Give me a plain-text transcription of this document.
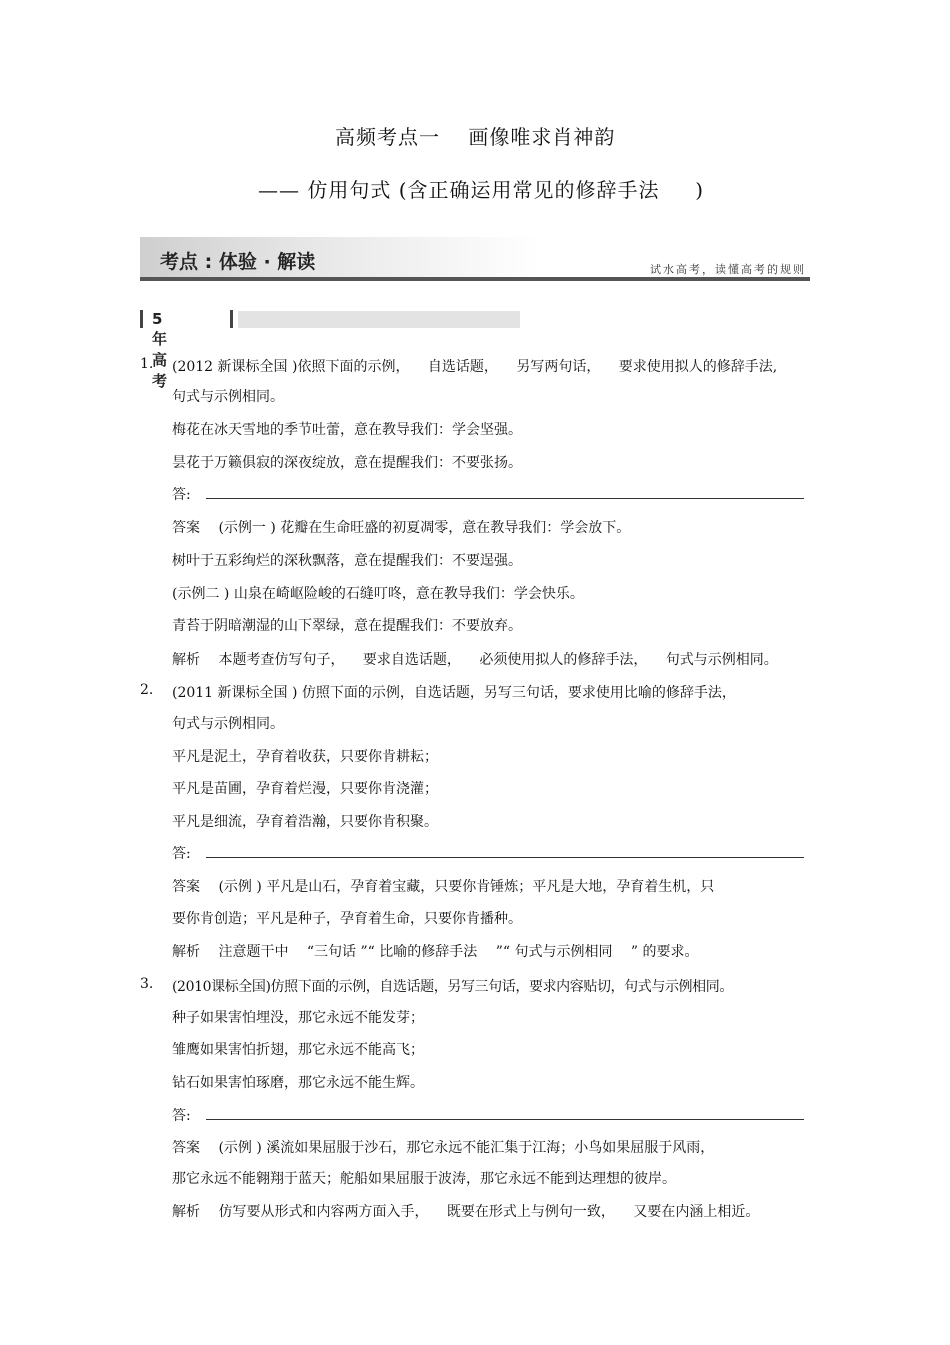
高频考点一 　画像唯求肖神韵
—— 仿用句式 (含正确运用常见的修辞手法 　 )
考点 : 体验 · 解读	试水高考，读懂高考的规则
5年高考
1. (2012 新课标全国 )依照下面的示例， 　自选话题， 　另写两句话， 　要求使用拟人的修辞手法,
句式与示例相同。
梅花在冰天雪地的季节吐蕾，意在教导我们：学会坚强。
昙花于万籁俱寂的深夜绽放，意在提醒我们：不要张扬。
答:
答案 　(示例一 ) 花瓣在生命旺盛的初夏凋零，意在教导我们：学会放下。
树叶于五彩绚烂的深秋飘落，意在提醒我们：不要逞强。
(示例二 ) 山泉在崎岖险峻的石缝叮咚，意在教导我们：学会快乐。
青苔于阴暗潮湿的山下翠绿，意在提醒我们：不要放弃。
解析 　本题考查仿写句子， 　要求自选话题， 　必须使用拟人的修辞手法， 　句式与示例相同。
2. (2011 新课标全国 ) 仿照下面的示例，自选话题，另写三句话，要求使用比喻的修辞手法，
句式与示例相同。
平凡是泥土，孕育着收获，只要你肯耕耘；
平凡是苗圃，孕育着烂漫，只要你肯浇灌；
平凡是细流，孕育着浩瀚，只要你肯积聚。
答:
答案 　(示例 ) 平凡是山石，孕育着宝藏，只要你肯锤炼；平凡是大地，孕育着生机，只
要你肯创造；平凡是种子，孕育着生命，只要你肯播种。
解析 　注意题干中 　“三句话 ”“ 比喻的修辞手法 　”“ 句式与示例相同 　” 的要求。
3. (2010课标全国)仿照下面的示例，自选话题，另写三句话，要求内容贴切，句式与示例相同。
种子如果害怕埋没，那它永远不能发芽；
雏鹰如果害怕折翅，那它永远不能高飞；
钻石如果害怕琢磨，那它永远不能生辉。
答:
答案 　(示例 ) 溪流如果屈服于沙石，那它永远不能汇集于江海；小鸟如果屈服于风雨，
那它永远不能翱翔于蓝天；舵船如果屈服于波涛，那它永远不能到达理想的彼岸。
解析 　仿写要从形式和内容两方面入手， 　既要在形式上与例句一致， 　又要在内涵上相近。
